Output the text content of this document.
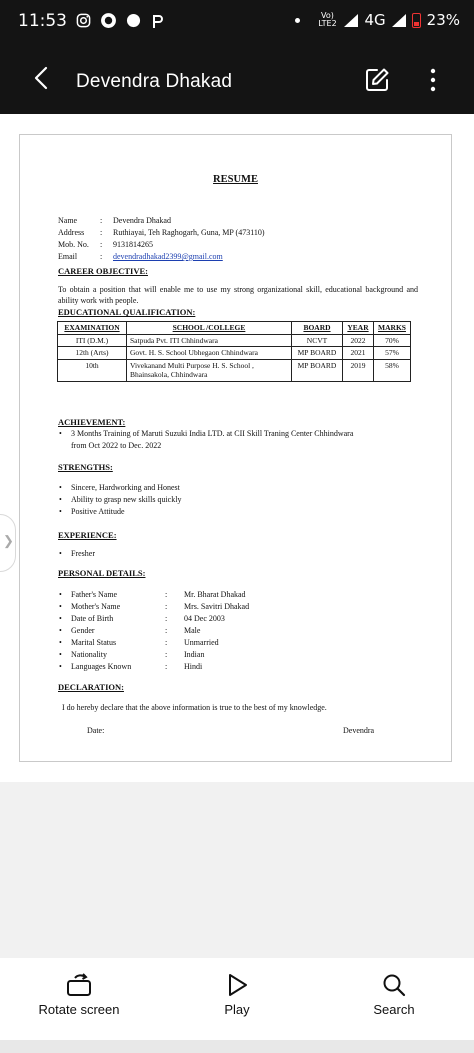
11:53	Vo) LTE2 4G	23%
Devendra Dhakad
RESUME
Name	: Devendra Dhakad
Address	: Ruthiayai, Teh Raghogarh, Guna, MP (473110)
Mob. No.	: 9131814265
Email	: devendradhakad2399@gmail.com
CAREER OBJECTIVE:
To obtain a position that will enable me to use my strong organizational skill, educational background and ability work with people.
EDUCATIONAL QUALIFICATION:
EXAMINATION	SCHOOL /COLLEGE	BOARD	YEAR	MARKS
ITI (D.M.)	Satpuda Pvt. ITI Chhindwara	NCVT	2022	70%
12th (Arts)	Govt. H. S. School Ubhegaon Chhindwara	MP BOARD	2021	57%
10th	Vivekanand Multi Purpose H. S. School , Bhainsakola, Chhindwara	MP BOARD	2019	58%
ACHIEVEMENT:
• 3 Months Training of Maruti Suzuki India LTD. at CII Skill Traning Center Chhindwara
from Oct 2022 to Dec. 2022
STRENGTHS:
• Sincere, Hardworking and Honest
• Ability to grasp new skills quickly
• Positive Attitude
EXPERIENCE:
• Fresher
PERSONAL DETAILS:
Father's Name	: Mr. Bharat Dhakad
Mother's Name	: Mrs. Savitri Dhakad
Date of Birth	: 04 Dec 2003
Gender	: Male
Marital Status	: Unmarried
Nationality	: Indian
Languages Known	: Hindi
DECLARATION:
I do hereby declare that the above information is true to the best of my knowledge.
Date:	Devendra
❯
Rotate screen	Play	Search
